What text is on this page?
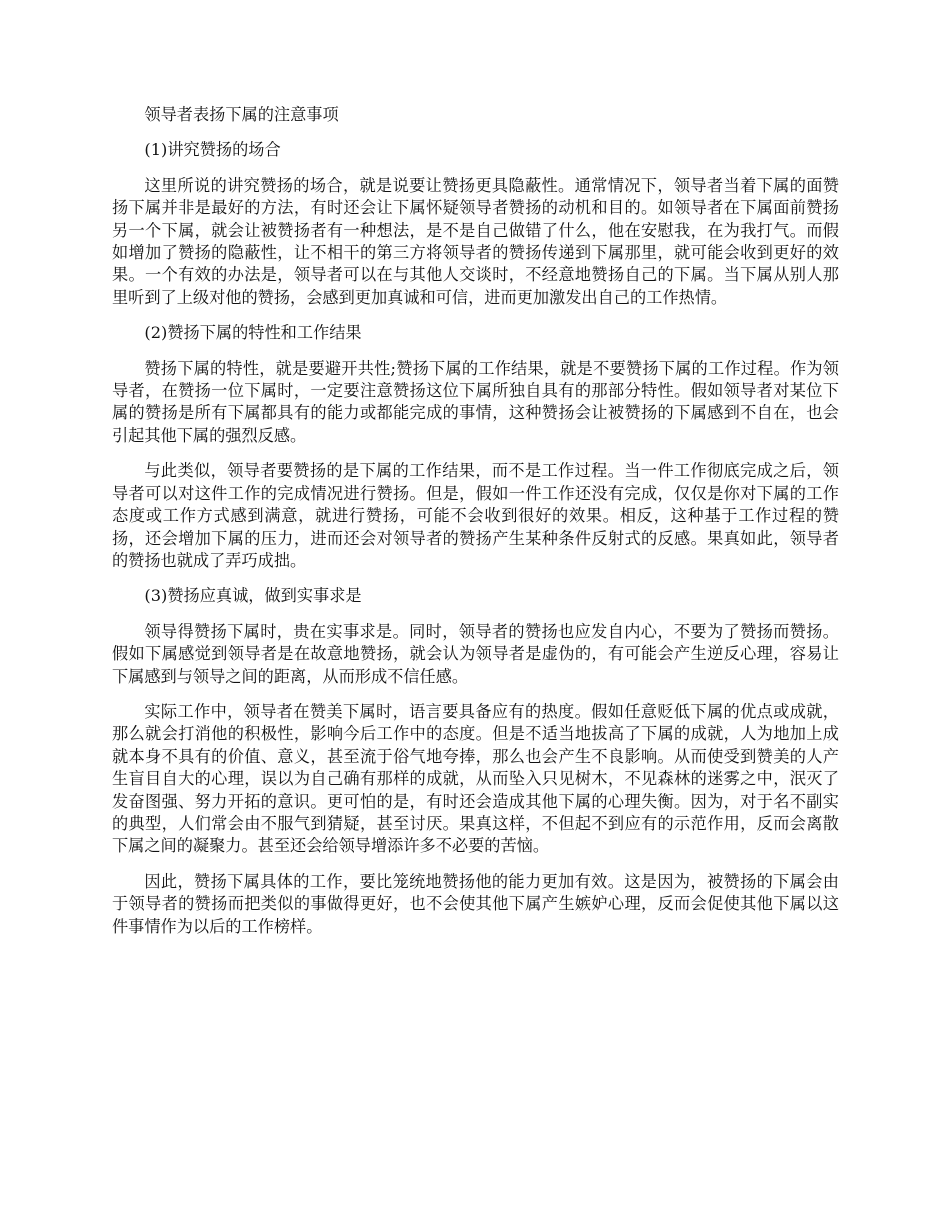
领导者表扬下属的注意事项

(1)讲究赞扬的场合

这里所说的讲究赞扬的场合，就是说要让赞扬更具隐蔽性。通常情况下，领导者当着下属的面赞扬下属并非是最好的方法，有时还会让下属怀疑领导者赞扬的动机和目的。如领导者在下属面前赞扬另一个下属，就会让被赞扬者有一种想法，是不是自己做错了什么，他在安慰我，在为我打气。而假如增加了赞扬的隐蔽性，让不相干的第三方将领导者的赞扬传递到下属那里，就可能会收到更好的效果。一个有效的办法是，领导者可以在与其他人交谈时，不经意地赞扬自己的下属。当下属从别人那里听到了上级对他的赞扬，会感到更加真诚和可信，进而更加激发出自己的工作热情。

(2)赞扬下属的特性和工作结果

赞扬下属的特性，就是要避开共性;赞扬下属的工作结果，就是不要赞扬下属的工作过程。作为领导者，在赞扬一位下属时，一定要注意赞扬这位下属所独自具有的那部分特性。假如领导者对某位下属的赞扬是所有下属都具有的能力或都能完成的事情，这种赞扬会让被赞扬的下属感到不自在，也会引起其他下属的强烈反感。

与此类似，领导者要赞扬的是下属的工作结果，而不是工作过程。当一件工作彻底完成之后，领导者可以对这件工作的完成情况进行赞扬。但是，假如一件工作还没有完成，仅仅是你对下属的工作态度或工作方式感到满意，就进行赞扬，可能不会收到很好的效果。相反，这种基于工作过程的赞扬，还会增加下属的压力，进而还会对领导者的赞扬产生某种条件反射式的反感。果真如此，领导者的赞扬也就成了弄巧成拙。

(3)赞扬应真诚，做到实事求是

领导得赞扬下属时，贵在实事求是。同时，领导者的赞扬也应发自内心，不要为了赞扬而赞扬。假如下属感觉到领导者是在故意地赞扬，就会认为领导者是虚伪的，有可能会产生逆反心理，容易让下属感到与领导之间的距离，从而形成不信任感。

实际工作中，领导者在赞美下属时，语言要具备应有的热度。假如任意贬低下属的优点或成就，那么就会打消他的积极性，影响今后工作中的态度。但是不适当地拔高了下属的成就，人为地加上成就本身不具有的价值、意义，甚至流于俗气地夸捧，那么也会产生不良影响。从而使受到赞美的人产生盲目自大的心理，误以为自己确有那样的成就，从而坠入只见树木，不见森林的迷雾之中，泯灭了发奋图强、努力开拓的意识。更可怕的是，有时还会造成其他下属的心理失衡。因为，对于名不副实的典型，人们常会由不服气到猜疑，甚至讨厌。果真这样，不但起不到应有的示范作用，反而会离散下属之间的凝聚力。甚至还会给领导增添许多不必要的苦恼。

因此，赞扬下属具体的工作，要比笼统地赞扬他的能力更加有效。这是因为，被赞扬的下属会由于领导者的赞扬而把类似的事做得更好，也不会使其他下属产生嫉妒心理，反而会促使其他下属以这件事情作为以后的工作榜样。
